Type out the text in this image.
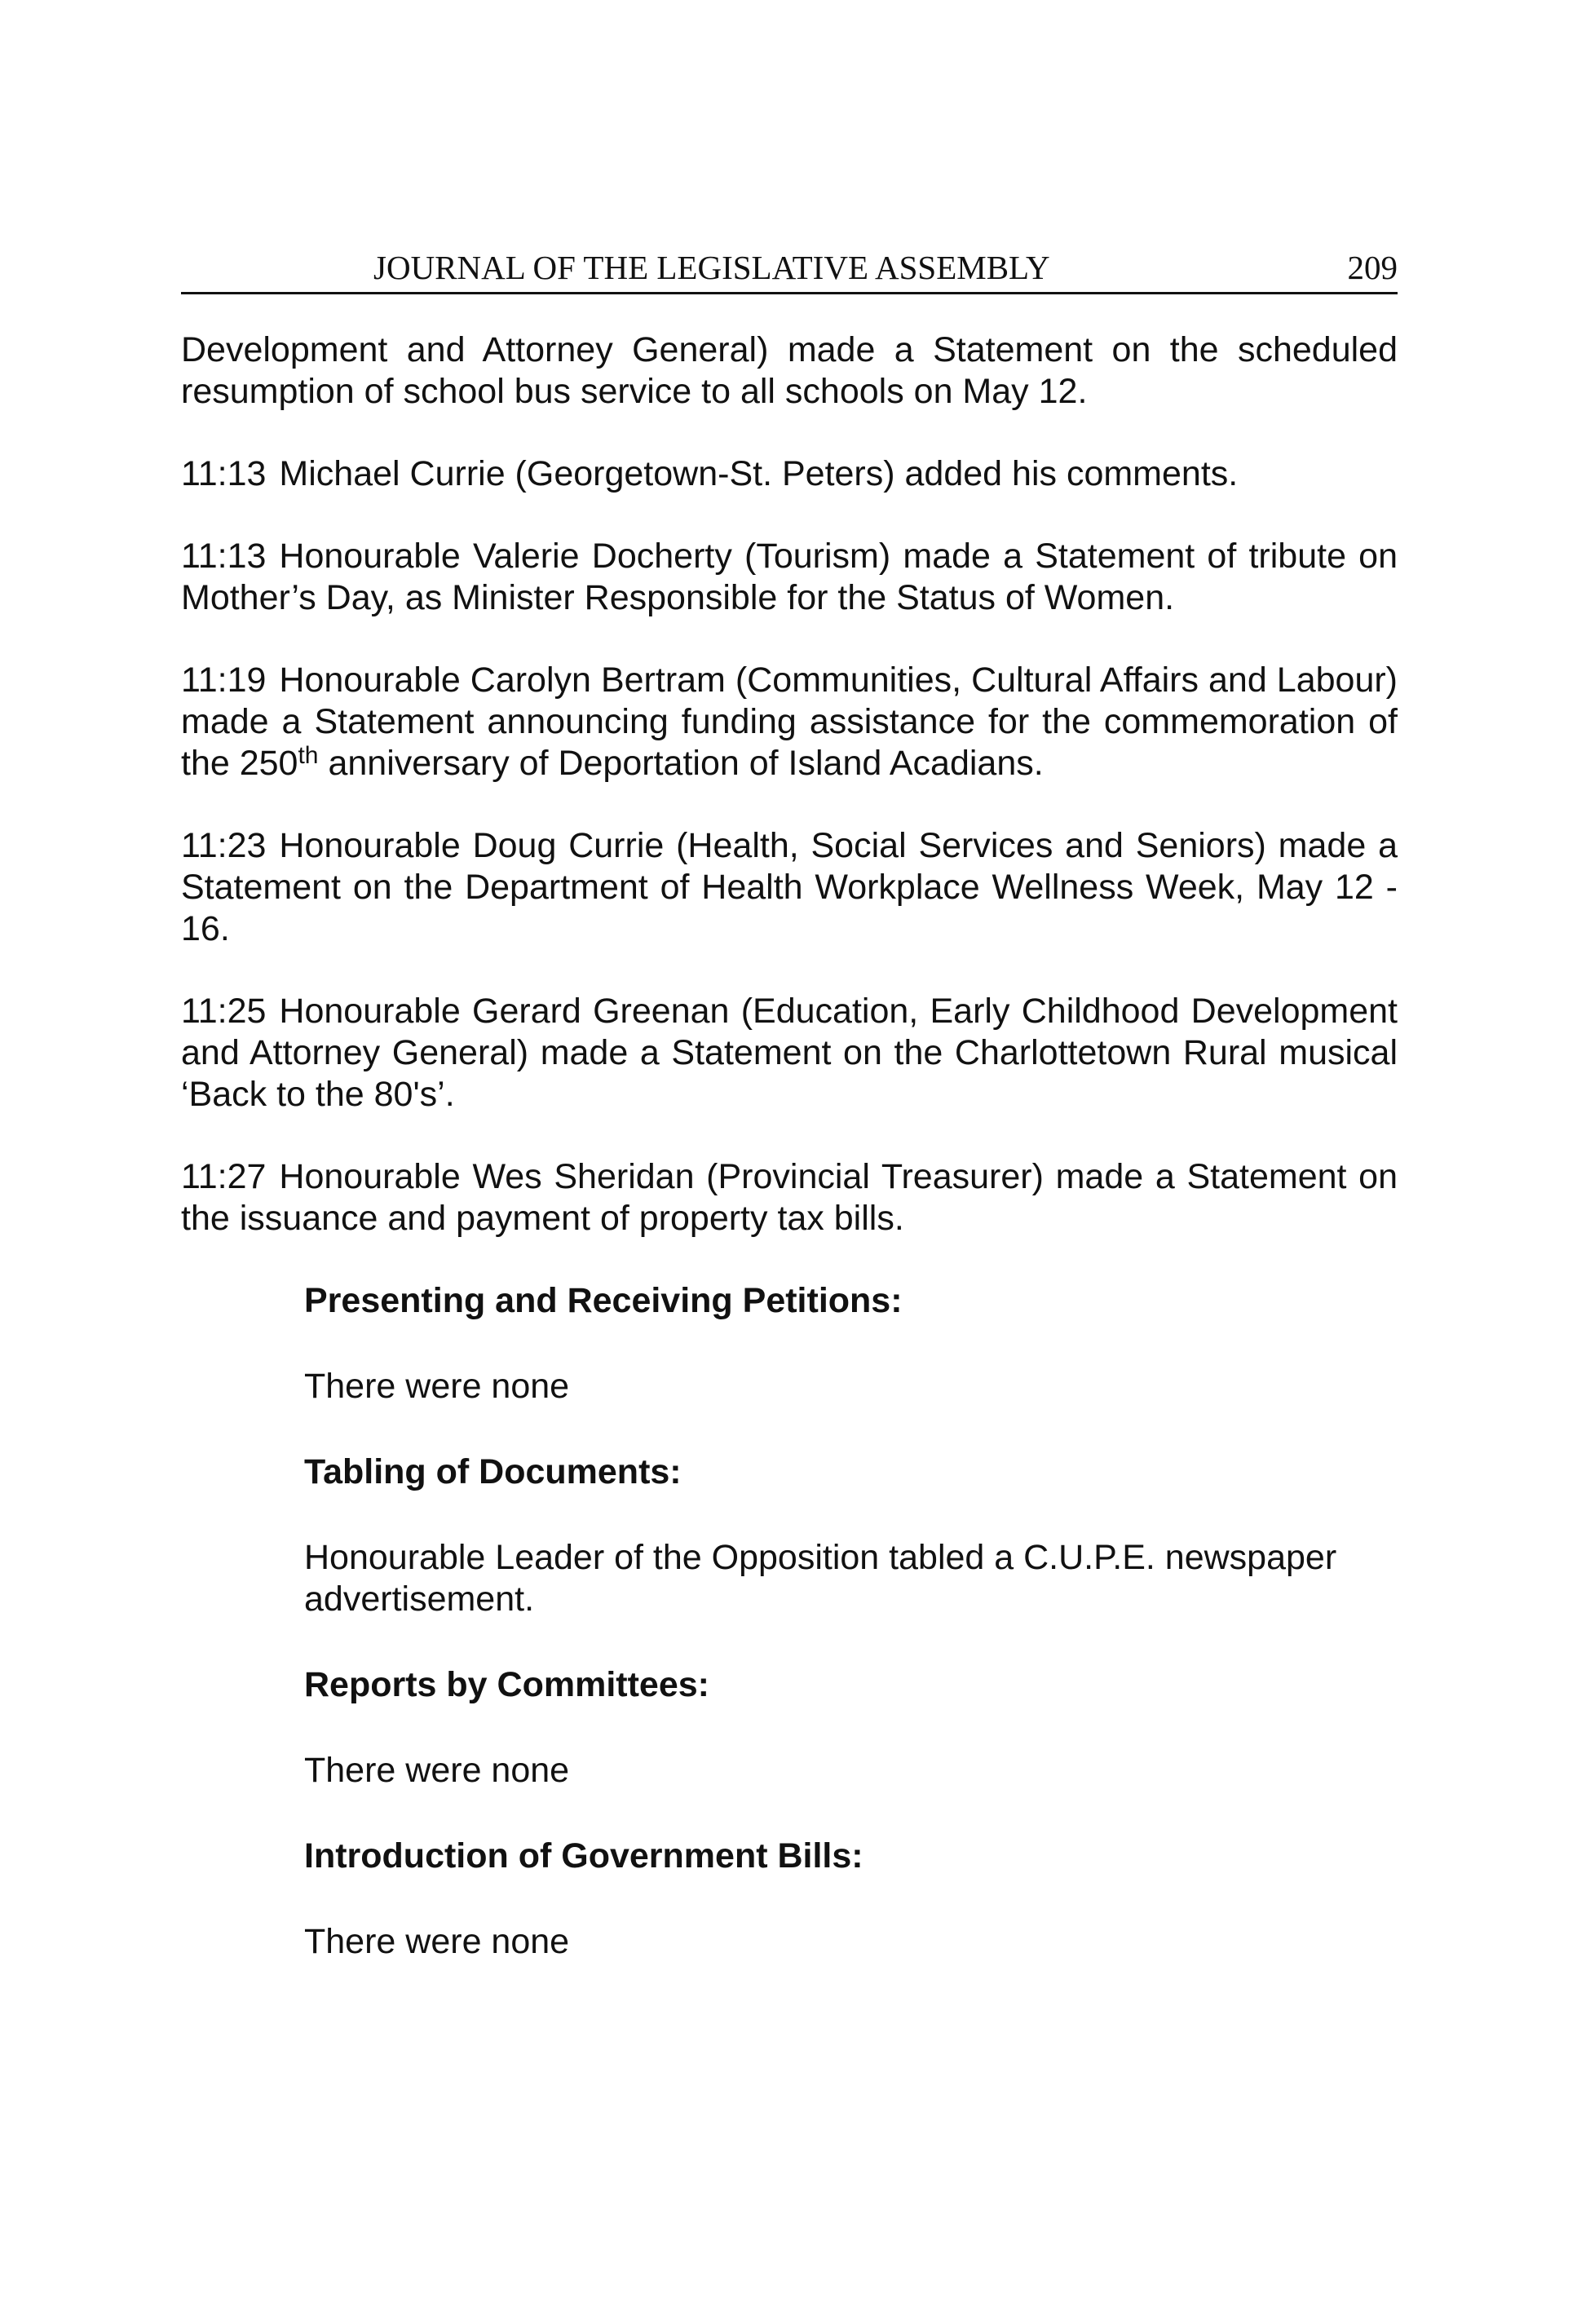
JOURNAL OF THE LEGISLATIVE ASSEMBLY	209

Development and Attorney General) made a Statement on the scheduled resumption of school bus service to all schools on May 12.

11:13 Michael Currie (Georgetown-St. Peters) added his comments.

11:13 Honourable Valerie Docherty (Tourism) made a Statement of tribute on Mother’s Day, as Minister Responsible for the Status of Women.

11:19 Honourable Carolyn Bertram (Communities, Cultural Affairs and Labour) made a Statement announcing funding assistance for the commemoration of the 250th anniversary of Deportation of Island Acadians.

11:23 Honourable Doug Currie (Health, Social Services and Seniors) made a Statement on the Department of Health Workplace Wellness Week, May 12 - 16.

11:25 Honourable Gerard Greenan (Education, Early Childhood Development and Attorney General) made a Statement on the Charlottetown Rural musical ‘Back to the 80's’.

11:27 Honourable Wes Sheridan (Provincial Treasurer) made a Statement on the issuance and payment of property tax bills.

Presenting and Receiving Petitions:
There were none
Tabling of Documents:
Honourable Leader of the Opposition tabled a C.U.P.E. newspaper advertisement.
Reports by Committees:
There were none
Introduction of Government Bills:
There were none
